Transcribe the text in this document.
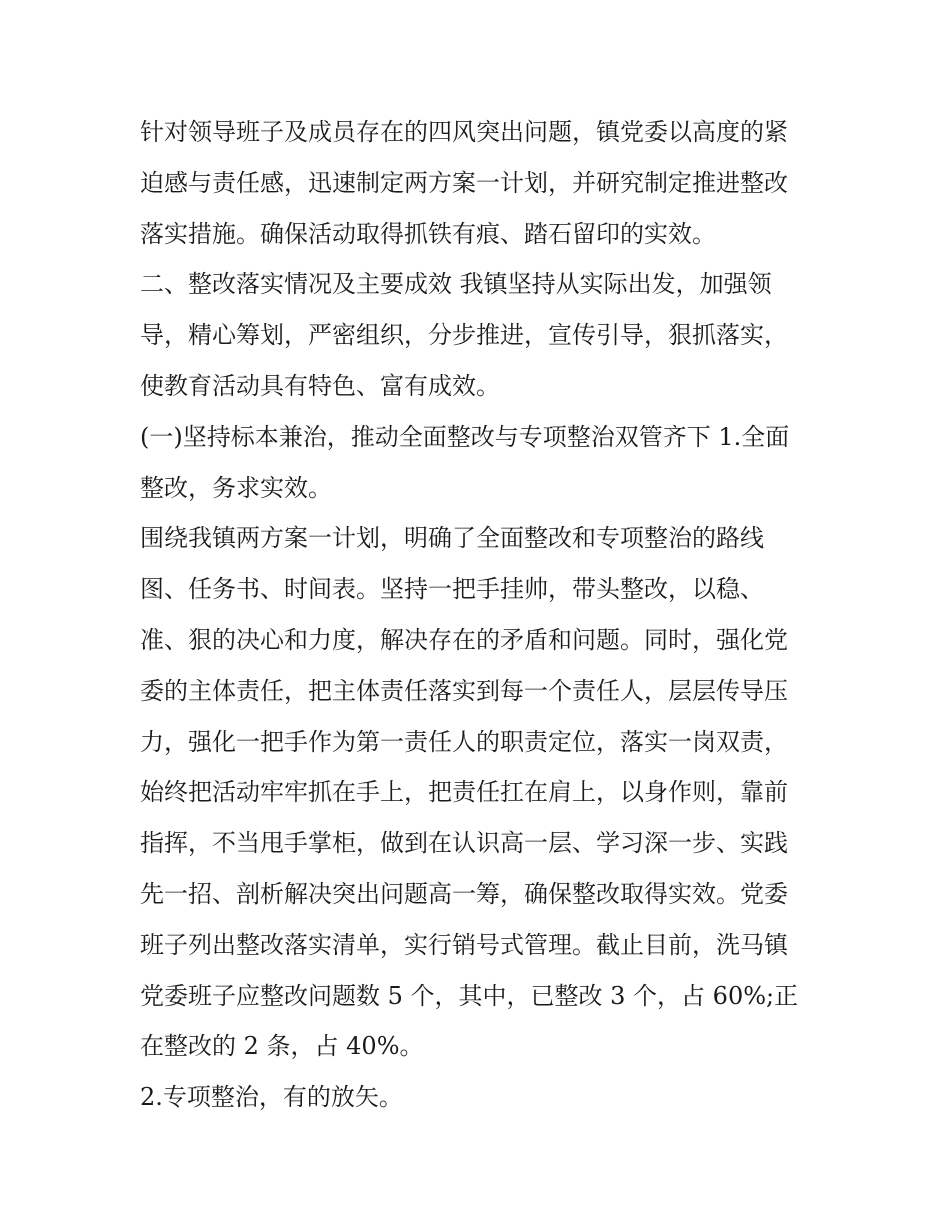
针对领导班子及成员存在的四风突出问题，镇党委以高度的紧
迫感与责任感，迅速制定两方案一计划，并研究制定推进整改
落实措施。确保活动取得抓铁有痕、踏石留印的实效。

二、整改落实情况及主要成效 我镇坚持从实际出发，加强领
导，精心筹划，严密组织，分步推进，宣传引导，狠抓落实，
使教育活动具有特色、富有成效。

(一)坚持标本兼治，推动全面整改与专项整治双管齐下 1.全面
整改，务求实效。

围绕我镇两方案一计划，明确了全面整改和专项整治的路线
图、任务书、时间表。坚持一把手挂帅，带头整改，以稳、
准、狠的决心和力度，解决存在的矛盾和问题。同时，强化党
委的主体责任，把主体责任落实到每一个责任人，层层传导压
力，强化一把手作为第一责任人的职责定位，落实一岗双责，
始终把活动牢牢抓在手上，把责任扛在肩上，以身作则，靠前
指挥，不当甩手掌柜，做到在认识高一层、学习深一步、实践
先一招、剖析解决突出问题高一筹，确保整改取得实效。党委
班子列出整改落实清单，实行销号式管理。截止目前，洗马镇
党委班子应整改问题数 5 个，其中，已整改 3 个，占 60%;正
在整改的 2 条，占 40%。

2.专项整治，有的放矢。
